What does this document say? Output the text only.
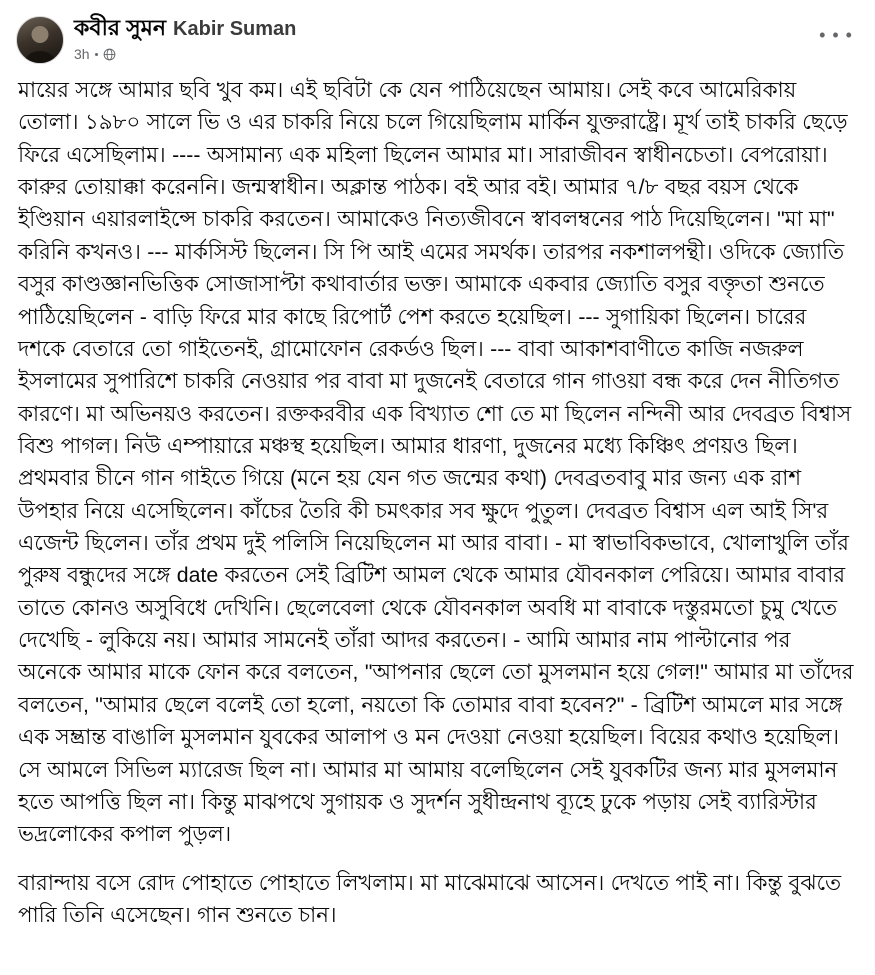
কবীর সুমন Kabir Suman
3h
• • •

মায়ের সঙ্গে আমার ছবি খুব কম। এই ছবিটা কে যেন পাঠিয়েছেন আমায়। সেই কবে আমেরিকায় তোলা। ১৯৮০ সালে ভি ও এর চাকরি নিয়ে চলে গিয়েছিলাম মার্কিন যুক্তরাষ্ট্রে। মূর্খ তাই চাকরি ছেড়ে ফিরে এসেছিলাম। ---- অসামান্য এক মহিলা ছিলেন আমার মা। সারাজীবন স্বাধীনচেতা। বেপরোয়া। কারুর তোয়াক্কা করেননি। জন্মস্বাধীন। অক্লান্ত পাঠক। বই আর বই। আমার ৭/৮ বছর বয়স থেকে ইণ্ডিয়ান এয়ারলাইন্সে চাকরি করতেন। আমাকেও নিত্যজীবনে স্বাবলম্বনের পাঠ দিয়েছিলেন। "মা মা" করিনি কখনও। --- মার্কসিস্ট ছিলেন। সি পি আই এমের সমর্থক। তারপর নকশালপন্থী। ওদিকে জ্যোতি বসুর কাণ্ডজ্ঞানভিত্তিক সোজাসাপ্টা কথাবার্তার ভক্ত। আমাকে একবার জ্যোতি বসুর বক্তৃতা শুনতে পাঠিয়েছিলেন - বাড়ি ফিরে মার কাছে রিপোর্ট পেশ করতে হয়েছিল। --- সুগায়িকা ছিলেন। চারের দশকে বেতারে তো গাইতেনই, গ্রামোফোন রেকর্ডও ছিল। --- বাবা আকাশবাণীতে কাজি নজরুল ইসলামের সুপারিশে চাকরি নেওয়ার পর বাবা মা দুজনেই বেতারে গান গাওয়া বন্ধ করে দেন নীতিগত কারণে। মা অভিনয়ও করতেন। রক্তকরবীর এক বিখ্যাত শো তে মা ছিলেন নন্দিনী আর দেবব্রত বিশ্বাস বিশু পাগল। নিউ এম্পায়ারে মঞ্চস্থ হয়েছিল। আমার ধারণা, দুজনের মধ্যে কিঞ্চিৎ প্রণয়ও ছিল। প্রথমবার চীনে গান গাইতে গিয়ে (মনে হয় যেন গত জন্মের কথা) দেবব্রতবাবু মার জন্য এক রাশ উপহার নিয়ে এসেছিলেন। কাঁচের তৈরি কী চমৎকার সব ক্ষুদে পুতুল। দেবব্রত বিশ্বাস এল আই সি'র এজেন্ট ছিলেন। তাঁর প্রথম দুই পলিসি নিয়েছিলেন মা আর বাবা। - মা স্বাভাবিকভাবে, খোলাখুলি তাঁর পুরুষ বন্ধুদের সঙ্গে date করতেন সেই ব্রিটিশ আমল থেকে আমার যৌবনকাল পেরিয়ে। আমার বাবার তাতে কোনও অসুবিধে দেখিনি। ছেলেবেলা থেকে যৌবনকাল অবধি মা বাবাকে দস্তুরমতো চুমু খেতে দেখেছি - লুকিয়ে নয়। আমার সামনেই তাঁরা আদর করতেন। - আমি আমার নাম পাল্টানোর পর অনেকে আমার মাকে ফোন করে বলতেন, "আপনার ছেলে তো মুসলমান হয়ে গেল!" আমার মা তাঁদের বলতেন, "আমার ছেলে বলেই তো হলো, নয়তো কি তোমার বাবা হবেন?" - ব্রিটিশ আমলে মার সঙ্গে এক সম্ভ্রান্ত বাঙালি মুসলমান যুবকের আলাপ ও মন দেওয়া নেওয়া হয়েছিল। বিয়ের কথাও হয়েছিল। সে আমলে সিভিল ম্যারেজ ছিল না। আমার মা আমায় বলেছিলেন সেই যুবকটির জন্য মার মুসলমান হতে আপত্তি ছিল না। কিন্তু মাঝপথে সুগায়ক ও সুদর্শন সুধীন্দ্রনাথ ব্যূহে ঢুকে পড়ায় সেই ব্যারিস্টার ভদ্রলোকের কপাল পুড়ল।

বারান্দায় বসে রোদ পোহাতে পোহাতে লিখলাম। মা মাঝেমাঝে আসেন। দেখতে পাই না। কিন্তু বুঝতে পারি তিনি এসেছেন। গান শুনতে চান।
